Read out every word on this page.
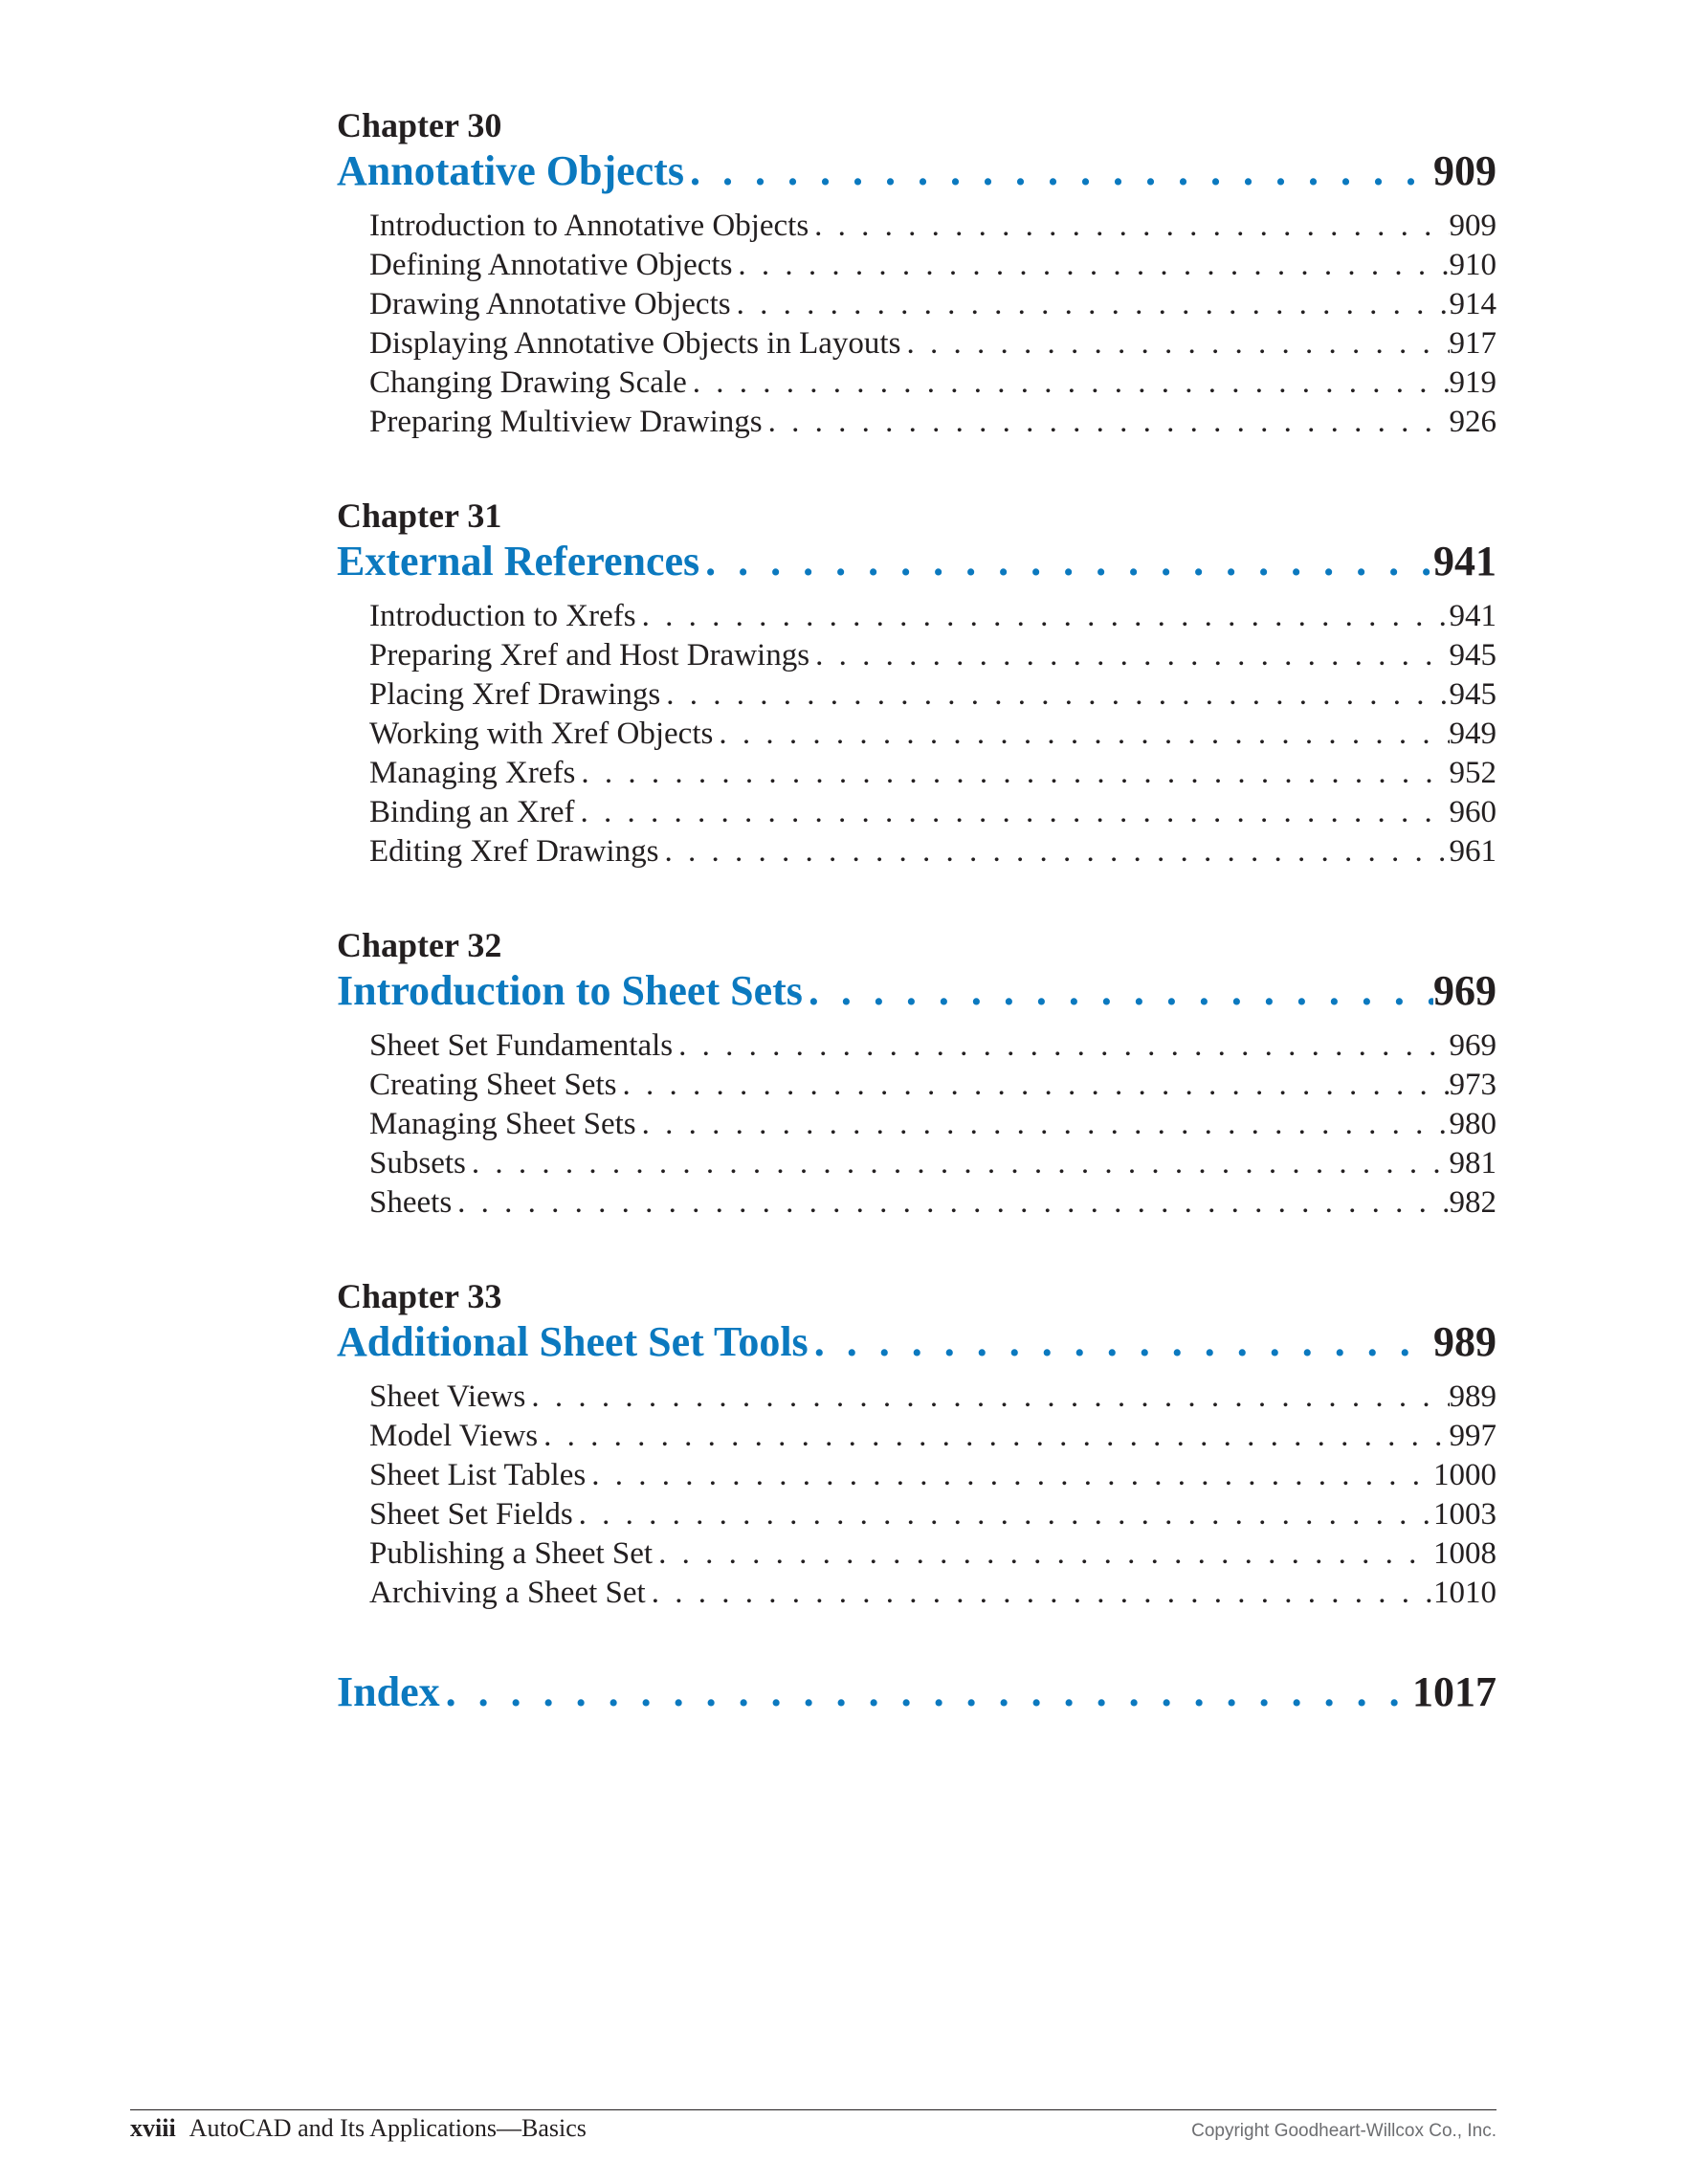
Chapter 30
Annotative Objects . . .	909
Introduction to Annotative Objects . . .	909
Defining Annotative Objects . . .	910
Drawing Annotative Objects . . .	914
Displaying Annotative Objects in Layouts . . .	917
Changing Drawing Scale . . .	919
Preparing Multiview Drawings . . .	926
Chapter 31
External References . . .	941
Introduction to Xrefs . . .	941
Preparing Xref and Host Drawings . . .	945
Placing Xref Drawings . . .	945
Working with Xref Objects . . .	949
Managing Xrefs . . .	952
Binding an Xref . . .	960
Editing Xref Drawings . . .	961
Chapter 32
Introduction to Sheet Sets . . .	969
Sheet Set Fundamentals . . .	969
Creating Sheet Sets . . .	973
Managing Sheet Sets . . .	980
Subsets . . .	981
Sheets . . .	982
Chapter 33
Additional Sheet Set Tools . . .	989
Sheet Views . . .	989
Model Views . . .	997
Sheet List Tables . . .	1000
Sheet Set Fields . . .	1003
Publishing a Sheet Set . . .	1008
Archiving a Sheet Set . . .	1010
Index . . .	1017
xviii AutoCAD and Its Applications—Basics	Copyright Goodheart-Willcox Co., Inc.
